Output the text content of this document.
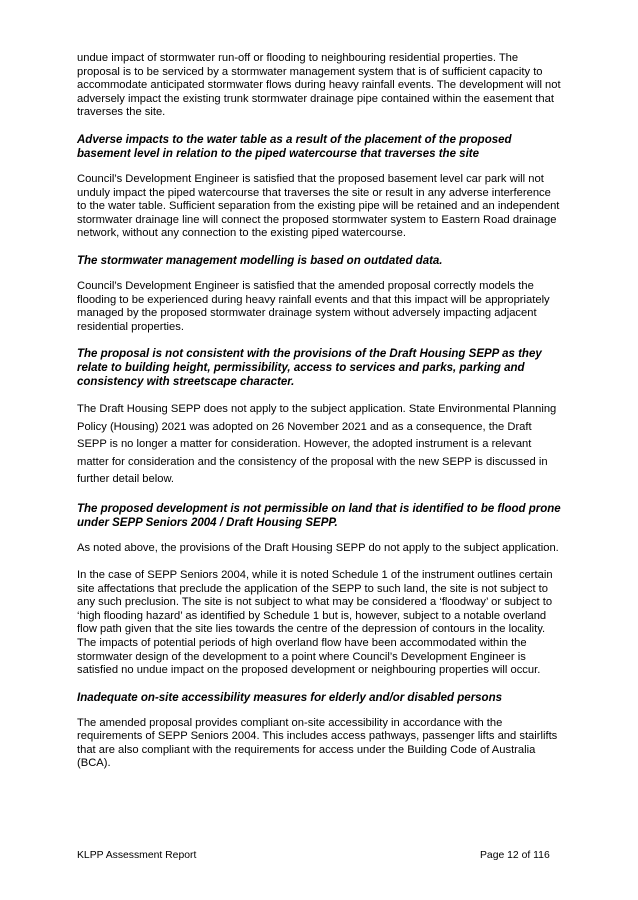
undue impact of stormwater run-off or flooding to neighbouring residential properties. The proposal is to be serviced by a stormwater management system that is of sufficient capacity to accommodate anticipated stormwater flows during heavy rainfall events. The development will not adversely impact the existing trunk stormwater drainage pipe contained within the easement that traverses the site.

Adverse impacts to the water table as a result of the placement of the proposed basement level in relation to the piped watercourse that traverses the site

Council’s Development Engineer is satisfied that the proposed basement level car park will not unduly impact the piped watercourse that traverses the site or result in any adverse interference to the water table. Sufficient separation from the existing pipe will be retained and an independent stormwater drainage line will connect the proposed stormwater system to Eastern Road drainage network, without any connection to the existing piped watercourse.

The stormwater management modelling is based on outdated data.

Council’s Development Engineer is satisfied that the amended proposal correctly models the flooding to be experienced during heavy rainfall events and that this impact will be appropriately managed by the proposed stormwater drainage system without adversely impacting adjacent residential properties.

The proposal is not consistent with the provisions of the Draft Housing SEPP as they relate to building height, permissibility, access to services and parks, parking and consistency with streetscape character.

The Draft Housing SEPP does not apply to the subject application. State Environmental Planning Policy (Housing) 2021 was adopted on 26 November 2021 and as a consequence, the Draft SEPP is no longer a matter for consideration. However, the adopted instrument is a relevant matter for consideration and the consistency of the proposal with the new SEPP is discussed in further detail below.

The proposed development is not permissible on land that is identified to be flood prone under SEPP Seniors 2004 / Draft Housing SEPP.

As noted above, the provisions of the Draft Housing SEPP do not apply to the subject application.

In the case of SEPP Seniors 2004, while it is noted Schedule 1 of the instrument outlines certain site affectations that preclude the application of the SEPP to such land, the site is not subject to any such preclusion. The site is not subject to what may be considered a ‘floodway’ or subject to ‘high flooding hazard’ as identified by Schedule 1 but is, however, subject to a notable overland flow path given that the site lies towards the centre of the depression of contours in the locality. The impacts of potential periods of high overland flow have been accommodated within the stormwater design of the development to a point where Council’s Development Engineer is satisfied no undue impact on the proposed development or neighbouring properties will occur.

Inadequate on-site accessibility measures for elderly and/or disabled persons

The amended proposal provides compliant on-site accessibility in accordance with the requirements of SEPP Seniors 2004. This includes access pathways, passenger lifts and stairlifts that are also compliant with the requirements for access under the Building Code of Australia (BCA).

KLPP Assessment Report	Page 12 of 116
